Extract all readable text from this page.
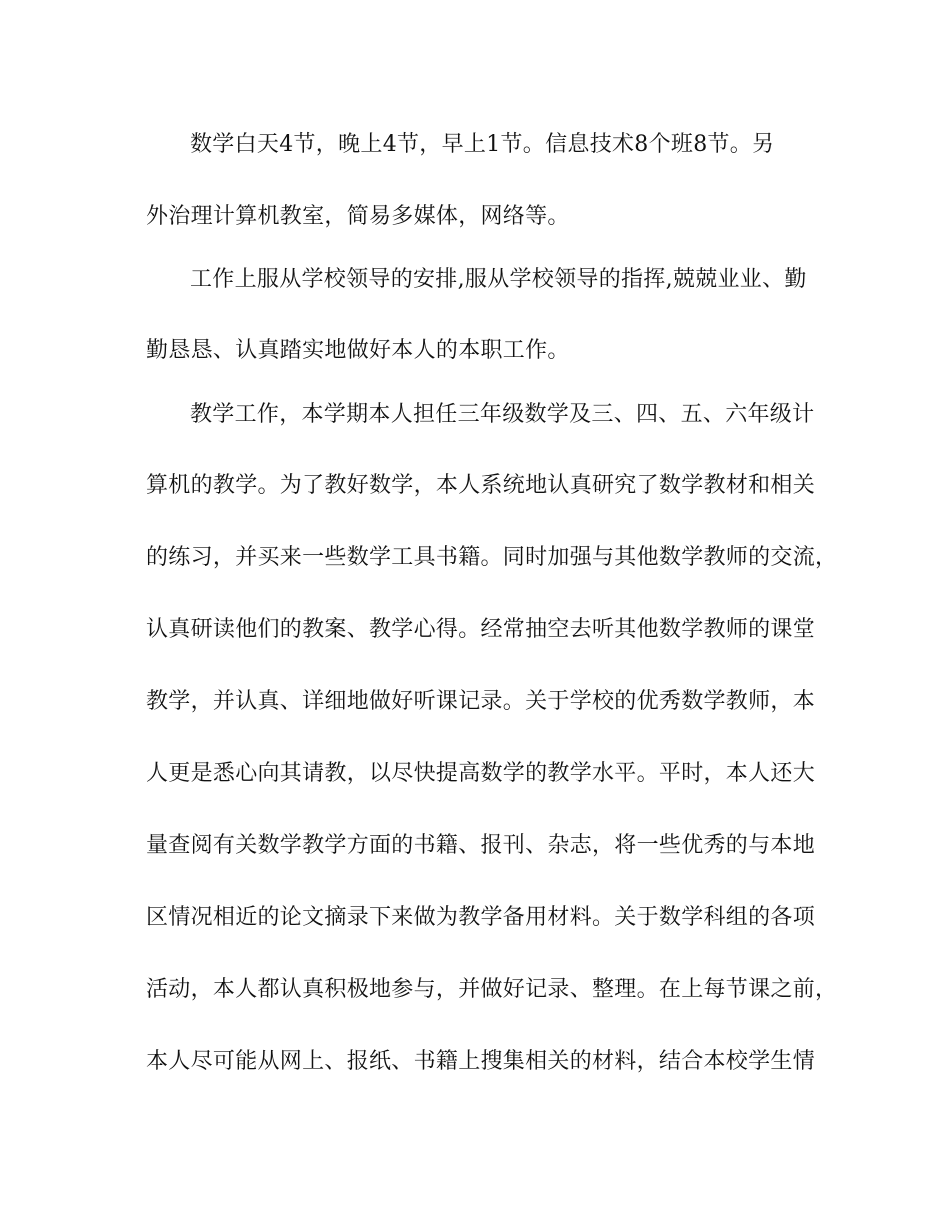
数学白天4节，晚上4节，早上1节。信息技术8个班8节。另
外治理计算机教室，简易多媒体，网络等。
工作上服从学校领导的安排,服从学校领导的指挥,兢兢业业、勤
勤恳恳、认真踏实地做好本人的本职工作。
教学工作，本学期本人担任三年级数学及三、四、五、六年级计
算机的教学。为了教好数学，本人系统地认真研究了数学教材和相关
的练习，并买来一些数学工具书籍。同时加强与其他数学教师的交流，
认真研读他们的教案、教学心得。经常抽空去听其他数学教师的课堂
教学，并认真、详细地做好听课记录。关于学校的优秀数学教师，本
人更是悉心向其请教，以尽快提高数学的教学水平。平时，本人还大
量查阅有关数学教学方面的书籍、报刊、杂志，将一些优秀的与本地
区情况相近的论文摘录下来做为教学备用材料。关于数学科组的各项
活动，本人都认真积极地参与，并做好记录、整理。在上每节课之前，
本人尽可能从网上、报纸、书籍上搜集相关的材料，结合本校学生情
